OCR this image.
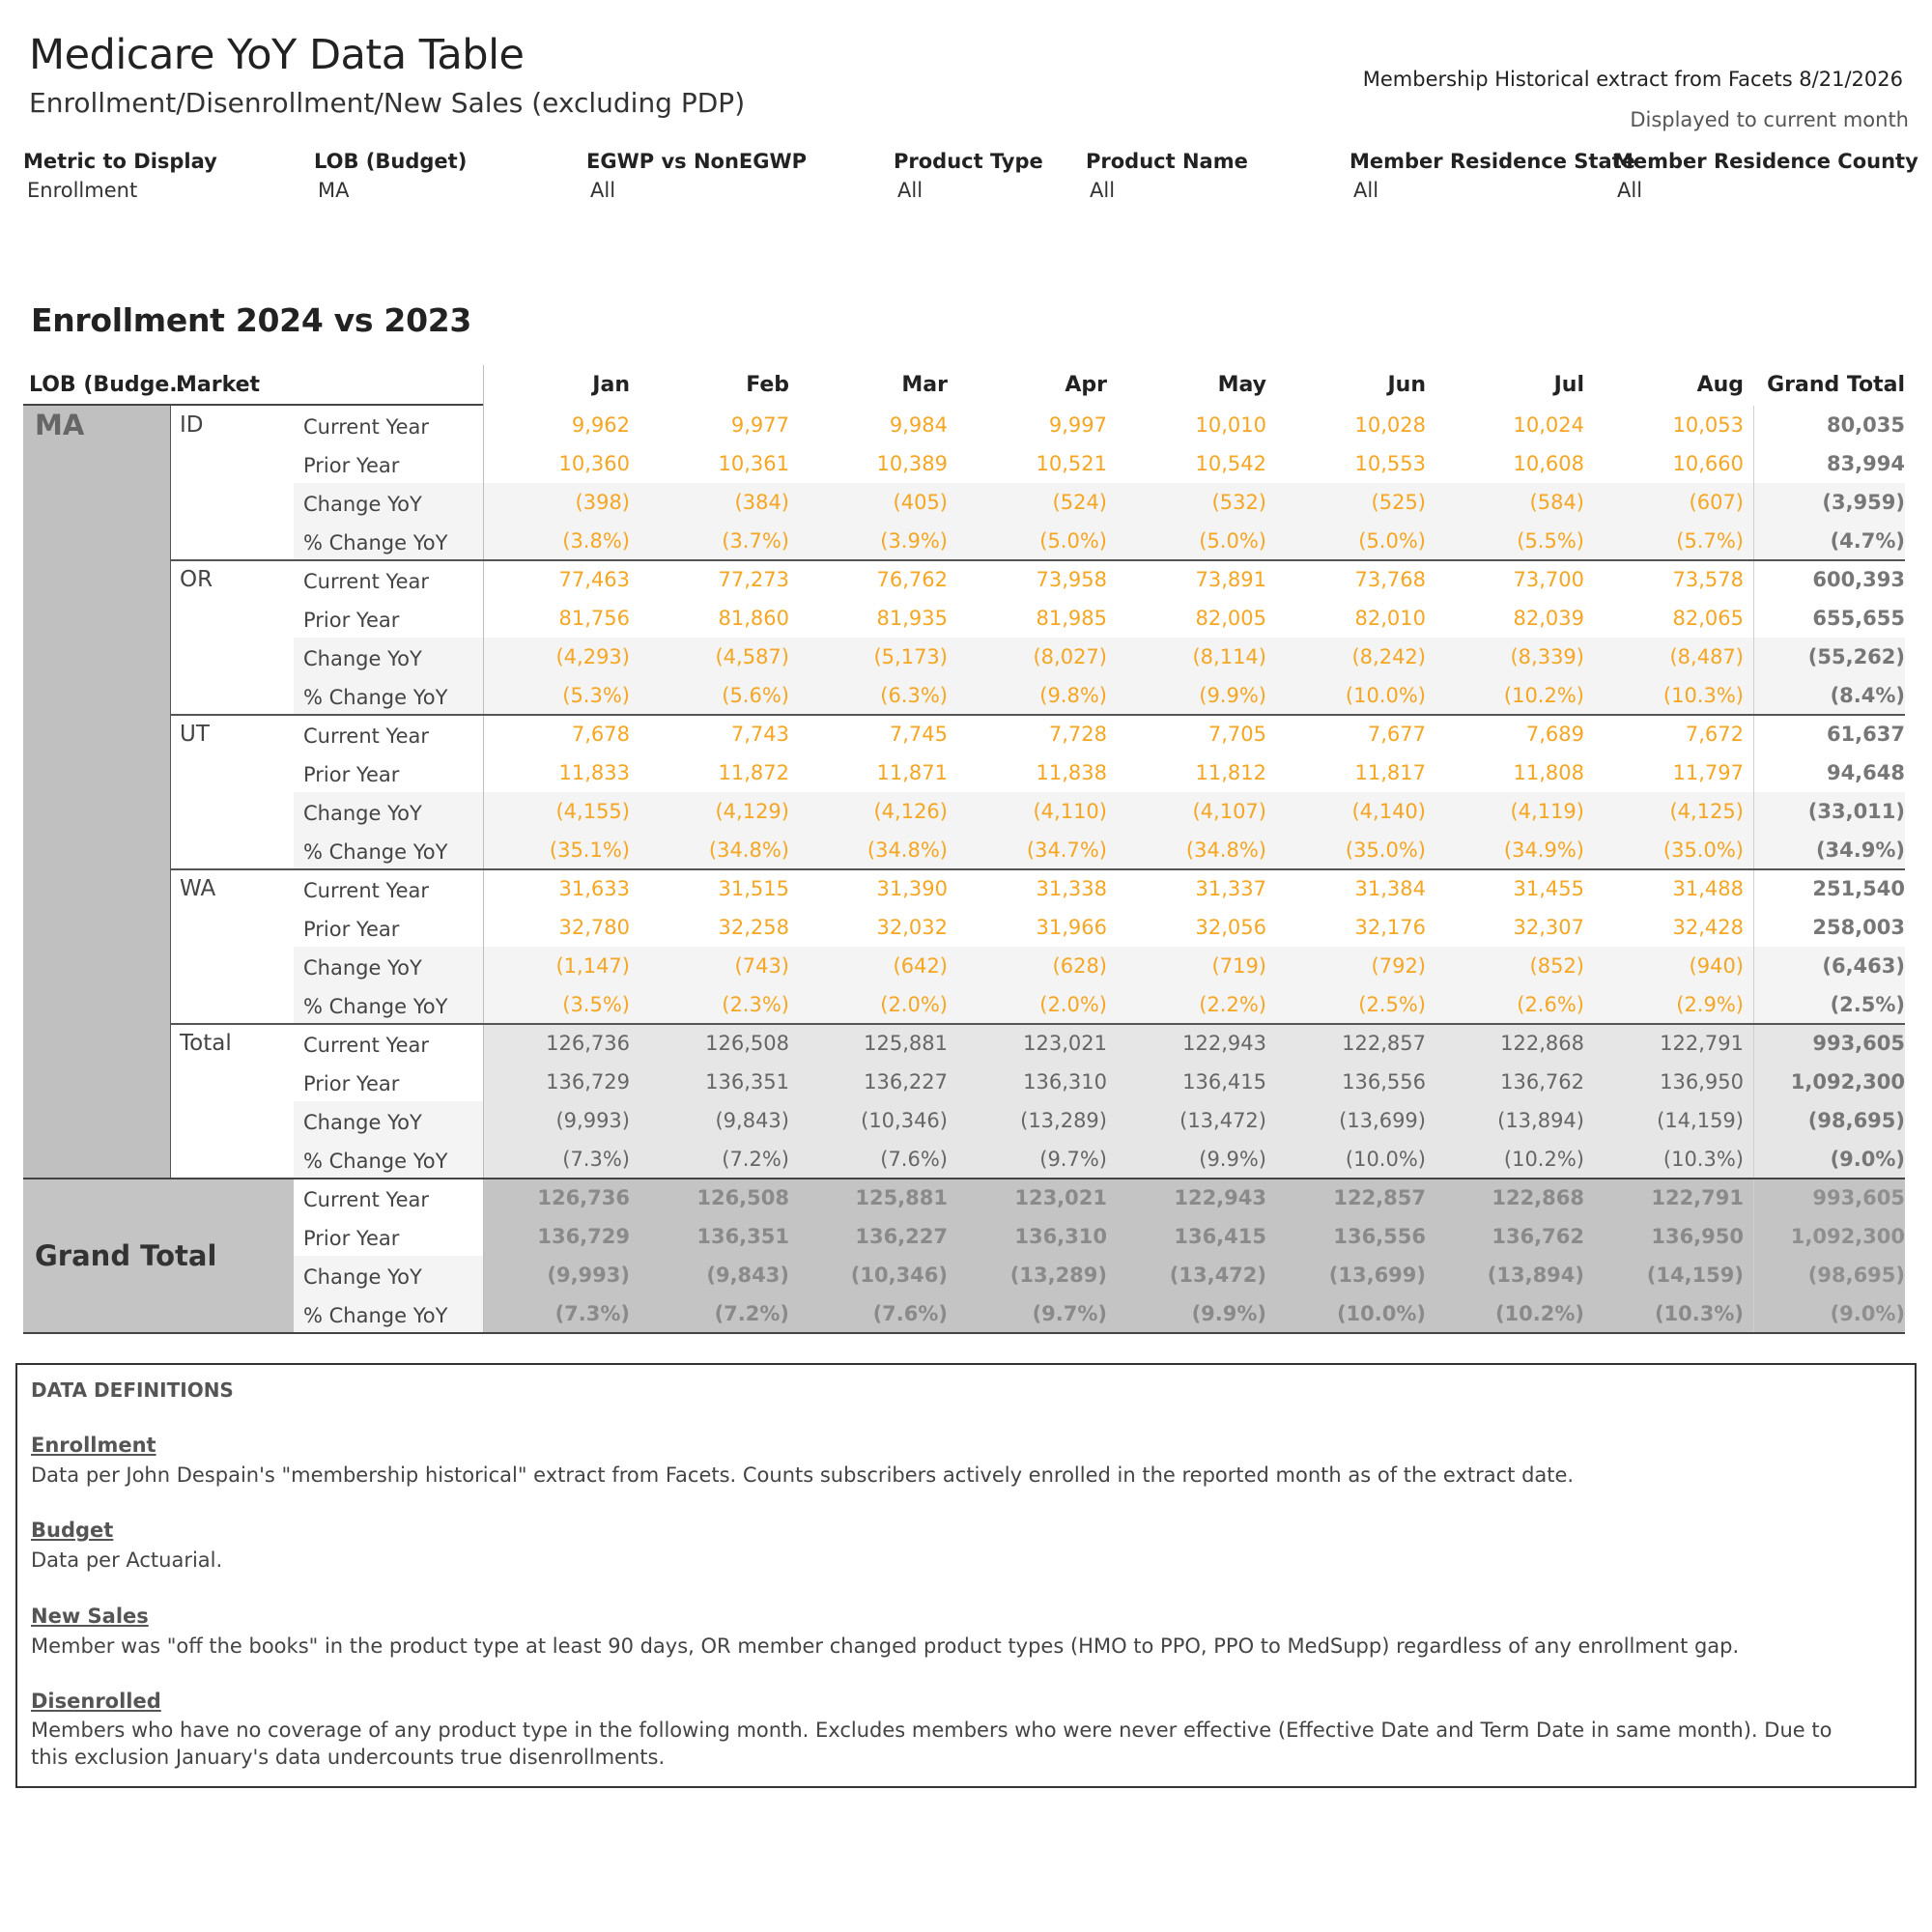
Medicare YoY Data Table
Enrollment/Disenrollment/New Sales (excluding PDP)
Membership Historical extract from Facets 8/21/2026
Displayed to current month
Metric to Display
Enrollment
LOB (Budget)
MA
EGWP vs NonEGWP
All
Product Type
All
Product Name
All
Member Residence State
All
Member Residence County
All
Enrollment 2024 vs 2023
LOB (Budge..
Market	Jan	Feb	Mar	Apr	May	Jun	Jul	Aug	Grand Total
MA	ID	Current Year	9,962	9,977	9,984	9,997	10,010	10,028	10,024	10,053	80,035
Prior Year	10,360	10,361	10,389	10,521	10,542	10,553	10,608	10,660	83,994
Change YoY	(398)	(384)	(405)	(524)	(532)	(525)	(584)	(607)	(3,959)
% Change YoY	(3.8%)	(3.7%)	(3.9%)	(5.0%)	(5.0%)	(5.0%)	(5.5%)	(5.7%)	(4.7%)
OR	Current Year	77,463	77,273	76,762	73,958	73,891	73,768	73,700	73,578	600,393
Prior Year	81,756	81,860	81,935	81,985	82,005	82,010	82,039	82,065	655,655
Change YoY	(4,293)	(4,587)	(5,173)	(8,027)	(8,114)	(8,242)	(8,339)	(8,487)	(55,262)
% Change YoY	(5.3%)	(5.6%)	(6.3%)	(9.8%)	(9.9%)	(10.0%)	(10.2%)	(10.3%)	(8.4%)
UT	Current Year	7,678	7,743	7,745	7,728	7,705	7,677	7,689	7,672	61,637
Prior Year	11,833	11,872	11,871	11,838	11,812	11,817	11,808	11,797	94,648
Change YoY	(4,155)	(4,129)	(4,126)	(4,110)	(4,107)	(4,140)	(4,119)	(4,125)	(33,011)
% Change YoY	(35.1%)	(34.8%)	(34.8%)	(34.7%)	(34.8%)	(35.0%)	(34.9%)	(35.0%)	(34.9%)
WA	Current Year	31,633	31,515	31,390	31,338	31,337	31,384	31,455	31,488	251,540
Prior Year	32,780	32,258	32,032	31,966	32,056	32,176	32,307	32,428	258,003
Change YoY	(1,147)	(743)	(642)	(628)	(719)	(792)	(852)	(940)	(6,463)
% Change YoY	(3.5%)	(2.3%)	(2.0%)	(2.0%)	(2.2%)	(2.5%)	(2.6%)	(2.9%)	(2.5%)
Total	Current Year	126,736	126,508	125,881	123,021	122,943	122,857	122,868	122,791	993,605
Prior Year	136,729	136,351	136,227	136,310	136,415	136,556	136,762	136,950	1,092,300
Change YoY	(9,993)	(9,843)	(10,346)	(13,289)	(13,472)	(13,699)	(13,894)	(14,159)	(98,695)
% Change YoY	(7.3%)	(7.2%)	(7.6%)	(9.7%)	(9.9%)	(10.0%)	(10.2%)	(10.3%)	(9.0%)
Grand Total
Current Year	126,736	126,508	125,881	123,021	122,943	122,857	122,868	122,791	993,605
Prior Year	136,729	136,351	136,227	136,310	136,415	136,556	136,762	136,950	1,092,300
Change YoY	(9,993)	(9,843)	(10,346)	(13,289)	(13,472)	(13,699)	(13,894)	(14,159)	(98,695)
% Change YoY	(7.3%)	(7.2%)	(7.6%)	(9.7%)	(9.9%)	(10.0%)	(10.2%)	(10.3%)	(9.0%)
DATA DEFINITIONS
Enrollment
Data per John Despain's "membership historical" extract from Facets. Counts subscribers actively enrolled in the reported month as of the extract date.
Budget
Data per Actuarial.
New Sales
Member was "off the books" in the product type at least 90 days, OR member changed product types (HMO to PPO, PPO to MedSupp) regardless of any enrollment gap.
Disenrolled
Members who have no coverage of any product type in the following month. Excludes members who were never effective (Effective Date and Term Date in same month). Due to this exclusion January's data undercounts true disenrollments.
